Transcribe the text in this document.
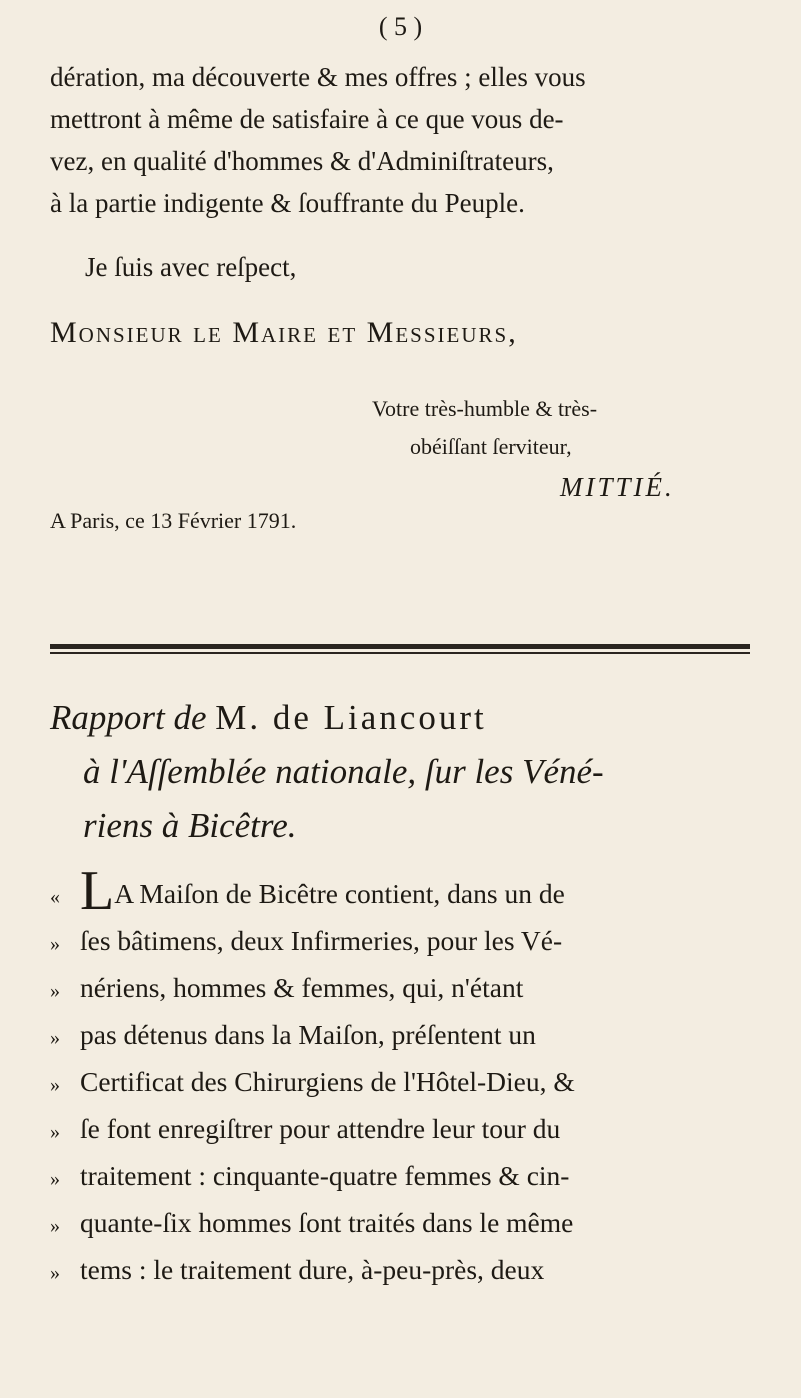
( 5 )
dération, ma découverte & mes offres ; elles vous
mettront à même de satisfaire à ce que vous de-
vez, en qualité d'hommes & d'Adminiſtrateurs,
à la partie indigente & ſouffrante du Peuple.
Je ſuis avec reſpect,
Monsieur le Maire et Messieurs,
Votre très-humble & très-
obéiſſant ſerviteur,
MITTIÉ.
A Paris, ce 13 Février 1791.
Rapport de M. de Liancourt
à l'Aſſemblée nationale, ſur les Véné-
riens à Bicêtre.
« LA Maiſon de Bicêtre contient, dans un de
» ſes bâtimens, deux Infirmeries, pour les Vé-
» nériens, hommes & femmes, qui, n'étant
» pas détenus dans la Maiſon, préſentent un
» Certificat des Chirurgiens de l'Hôtel-Dieu, &
» ſe font enregiſtrer pour attendre leur tour du
» traitement : cinquante-quatre femmes & cin-
» quante-ſix hommes ſont traités dans le même
» tems : le traitement dure, à-peu-près, deux
